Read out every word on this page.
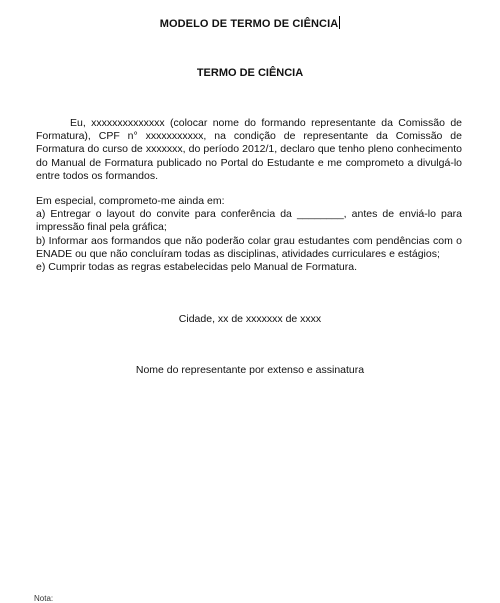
MODELO DE TERMO DE CIÊNCIA
TERMO DE CIÊNCIA
Eu, xxxxxxxxxxxxxx (colocar nome do formando representante da Comissão de Formatura), CPF n° xxxxxxxxxxx, na condição de representante da Comissão de Formatura do curso de xxxxxxx, do período 2012/1, declaro que tenho pleno conhecimento do Manual de Formatura publicado no Portal do Estudante e me comprometo a divulgá-lo entre todos os formandos.
Em especial, comprometo-me ainda em:
a) Entregar o layout do convite para conferência da ________, antes de enviá-lo para impressão final pela gráfica;
b) Informar aos formandos que não poderão colar grau estudantes com pendências com o ENADE ou que não concluíram todas as disciplinas, atividades curriculares e estágios;
e) Cumprir todas as regras estabelecidas pelo Manual de Formatura.
Cidade, xx de xxxxxxx de xxxx
Nome do representante por extenso e assinatura
Nota:
